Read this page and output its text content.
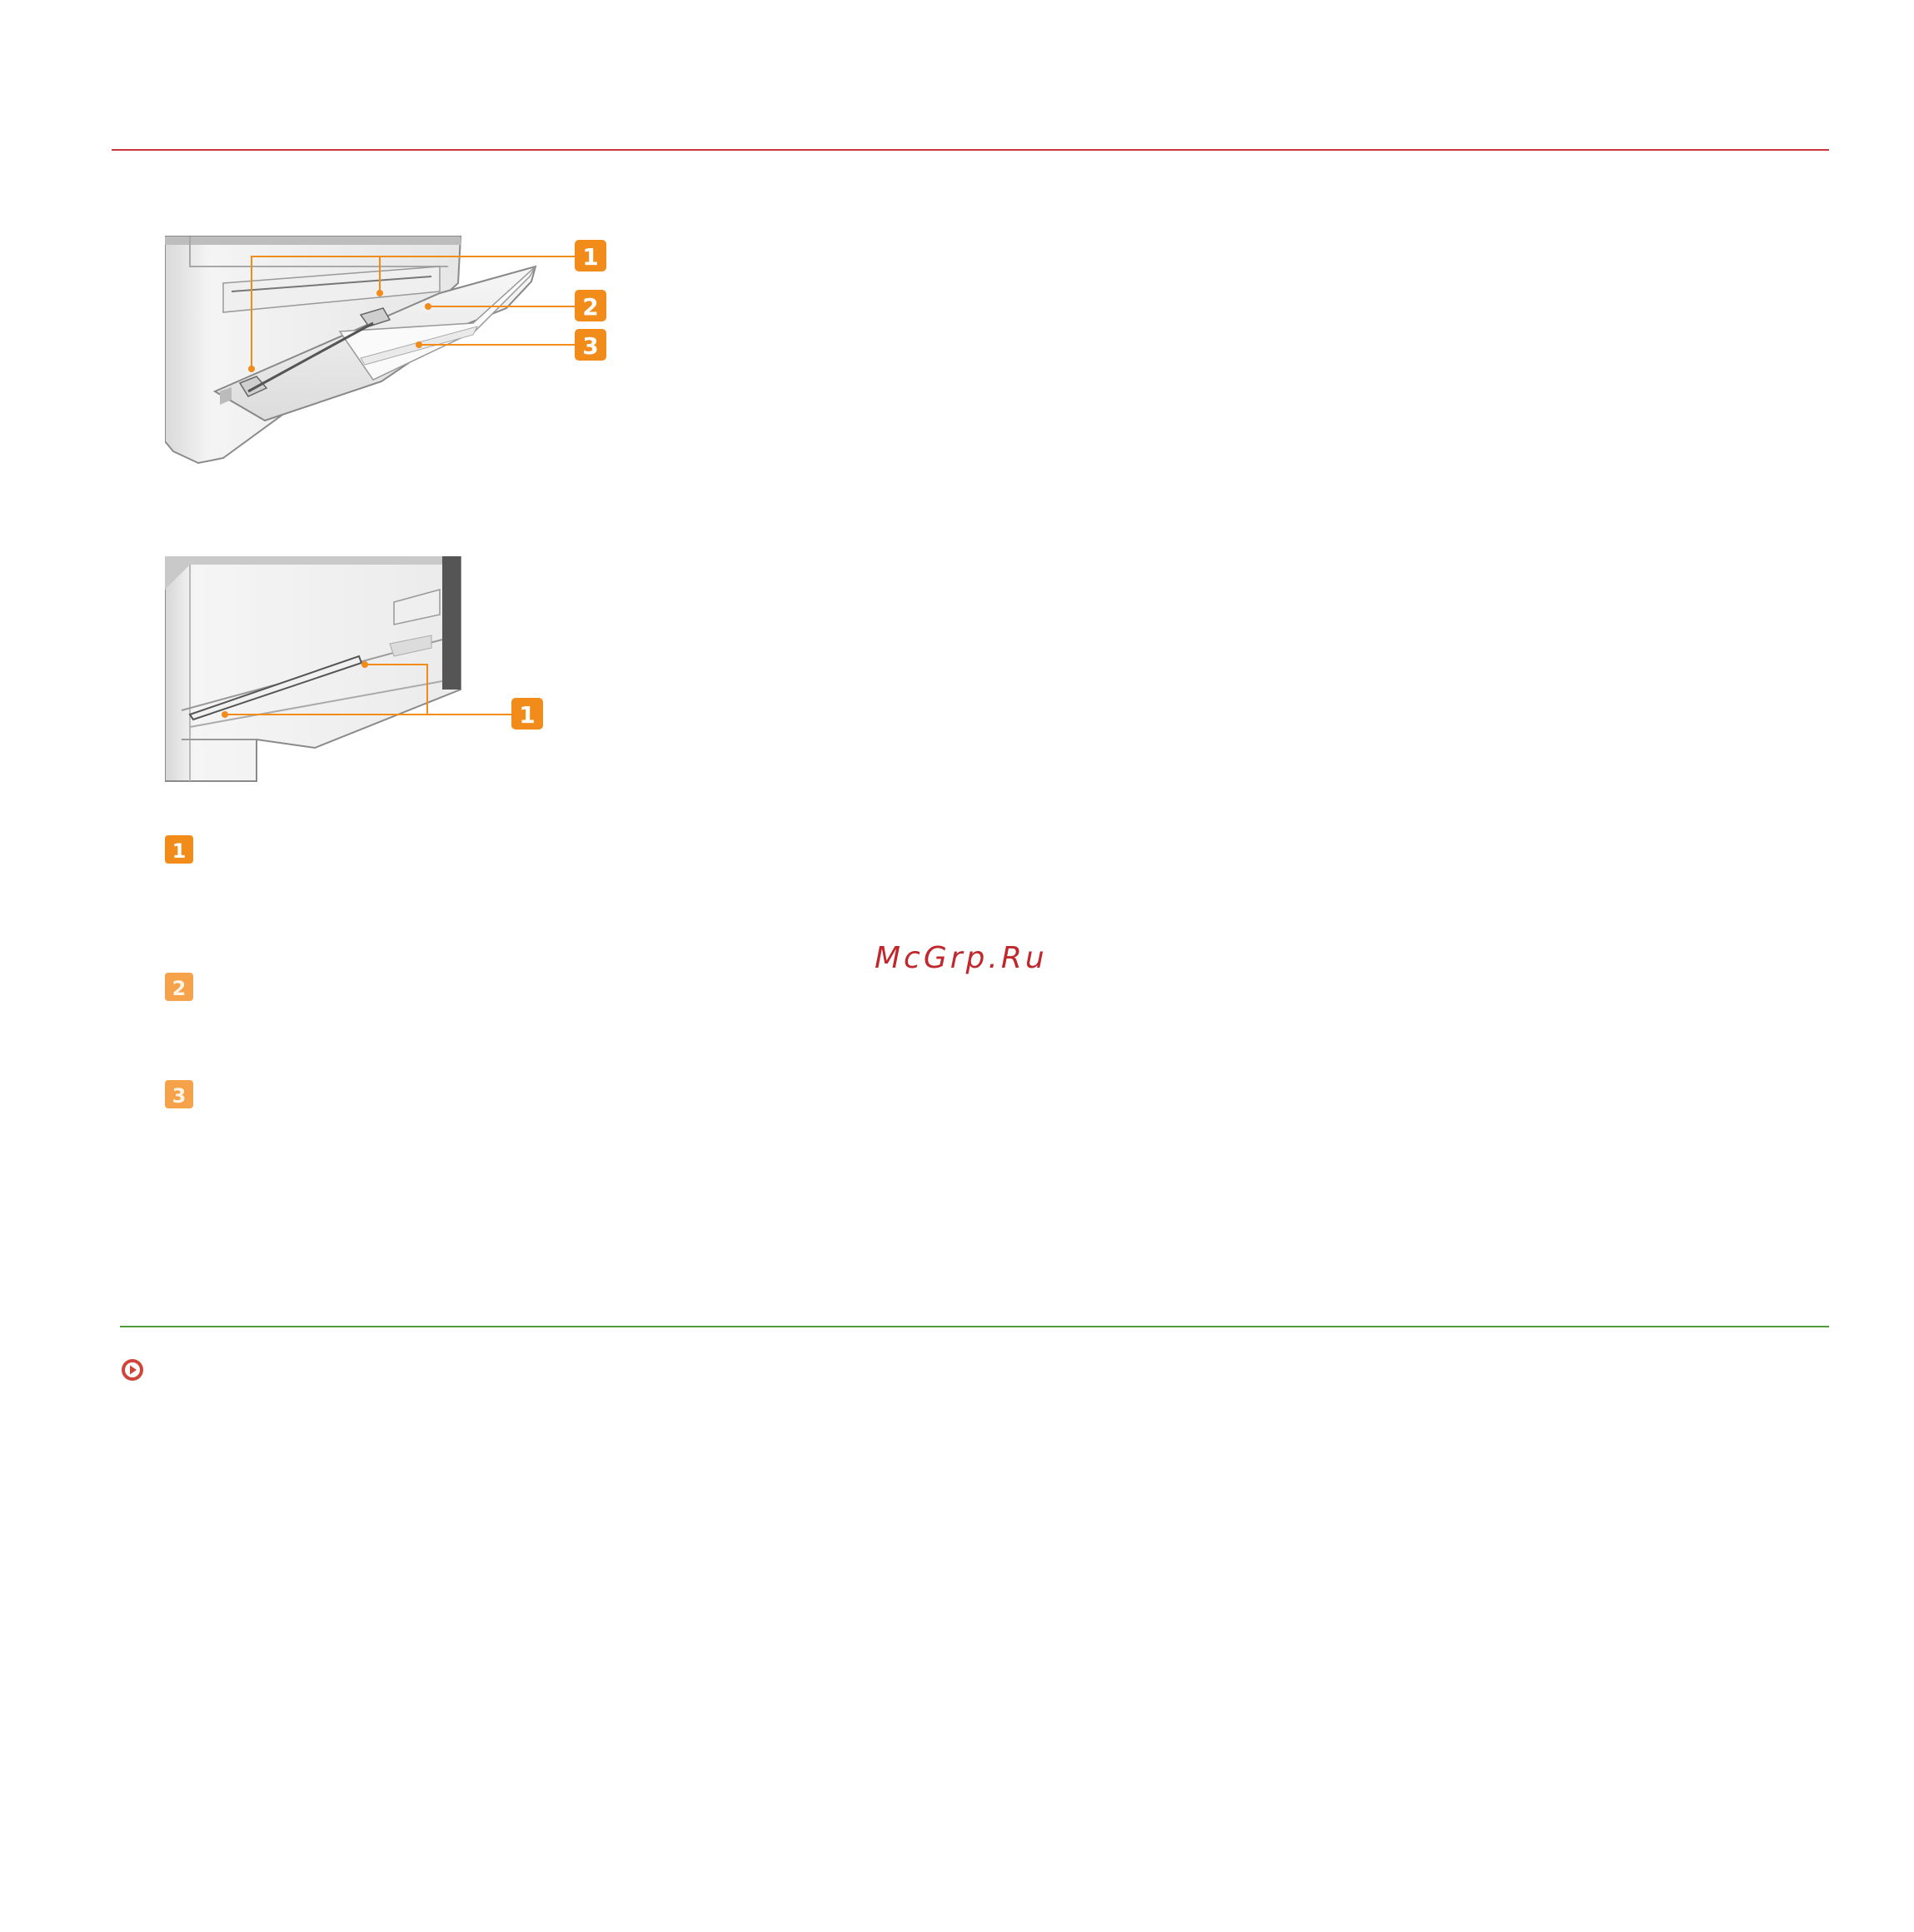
1
2
3
1
1
2
3
McGrp.Ru
